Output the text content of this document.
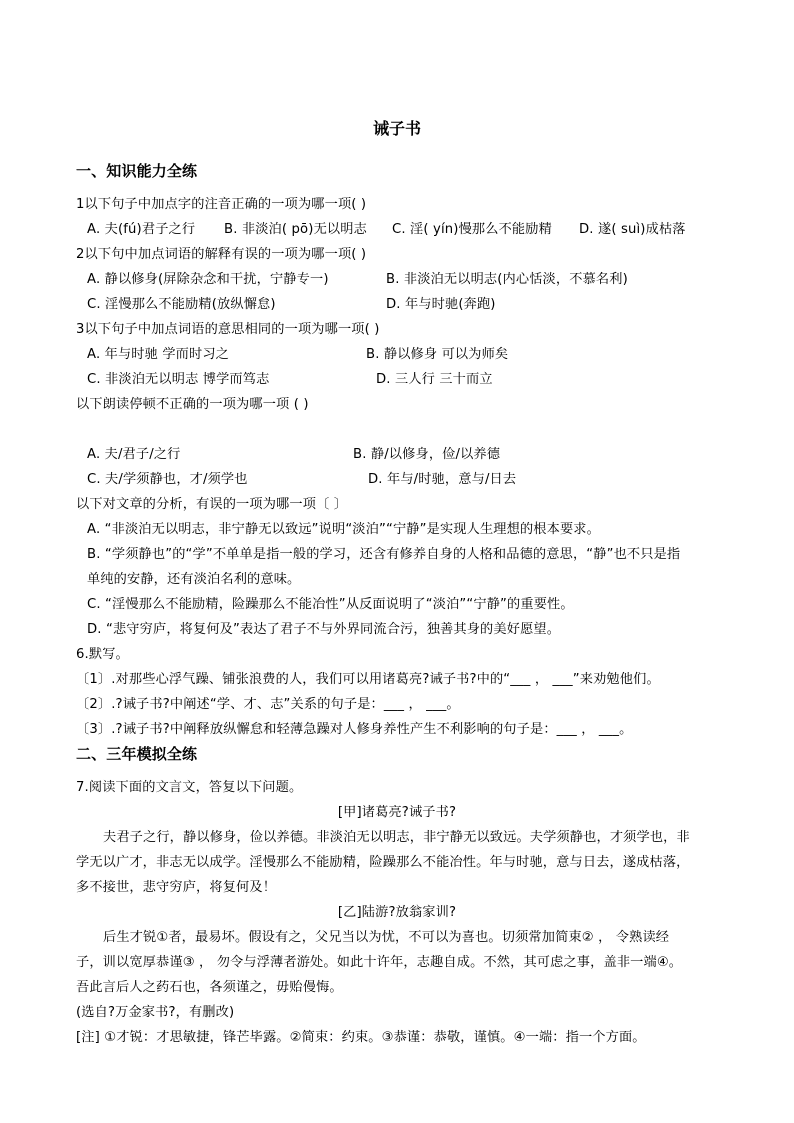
诫子书
一、知识能力全练
1以下句子中加点字的注音正确的一项为哪一项( )
A. 夫(fú)君子之行 B. 非淡泊( pō)无以明志 C. 淫( yín)慢那么不能励精 D. 遂( suì)成枯落
2以下句中加点词语的解释有误的一项为哪一项( )
A. 静以修身(屏除杂念和干扰，宁静专一)	B. 非淡泊无以明志(内心恬淡，不慕名利)
C. 淫慢那么不能励精(放纵懈怠)	D. 年与时驰(奔跑)
3以下句子中加点词语的意思相同的一项为哪一项( )
A. 年与时驰 学而时习之	B. 静以修身 可以为师矣
C. 非淡泊无以明志 博学而笃志	D. 三人行 三十而立
以下朗读停顿不正确的一项为哪一项 ( )
A. 夫/君子/之行	B. 静/以修身，俭/以养德
C. 夫/学须静也，才/须学也	D. 年与/时驰，意与/日去
以下对文章的分析，有误的一项为哪一项〔 〕
A. “非淡泊无以明志，非宁静无以致远”说明“淡泊”“宁静”是实现人生理想的根本要求。
B. “学须静也”的“学”不单单是指一般的学习，还含有修养自身的人格和品德的意思，“静”也不只是指
单纯的安静，还有淡泊名利的意味。
C. “淫慢那么不能励精，险躁那么不能冶性”从反面说明了“淡泊”“宁静”的重要性。
D. “悲守穷庐，将复何及”表达了君子不与外界同流合污，独善其身的美好愿望。
6.默写。
〔1〕.对那些心浮气躁、铺张浪费的人，我们可以用诸葛亮?诫子书?中的“___ ， ___”来劝勉他们。
〔2〕.?诫子书?中阐述“学、才、志”关系的句子是：___ ， ___。
〔3〕.?诫子书?中阐释放纵懈怠和轻薄急躁对人修身养性产生不利影响的句子是：___ ， ___。
二、三年模拟全练
7.阅读下面的文言文，答复以下问题。
[甲]诸葛亮?诫子书?
夫君子之行，静以修身，俭以养德。非淡泊无以明志，非宁静无以致远。夫学须静也，才须学也，非
学无以广才，非志无以成学。淫慢那么不能励精，险躁那么不能冶性。年与时驰，意与日去，遂成枯落，
多不接世，悲守穷庐，将复何及！
[乙]陆游?放翁家训?
后生才锐①者，最易坏。假设有之，父兄当以为忧，不可以为喜也。切须常加简束② ， 令熟读经
子，训以宽厚恭谨③ ， 勿令与浮薄者游处。如此十许年，志趣自成。不然，其可虑之事，盖非一端④。
吾此言后人之药石也，各须谨之，毋贻僈悔。
(选自?万金家书?，有删改)
[注] ①才锐：才思敏捷，锋芒毕露。②简束：约束。③恭谨：恭敬，谨慎。④一端：指一个方面。
